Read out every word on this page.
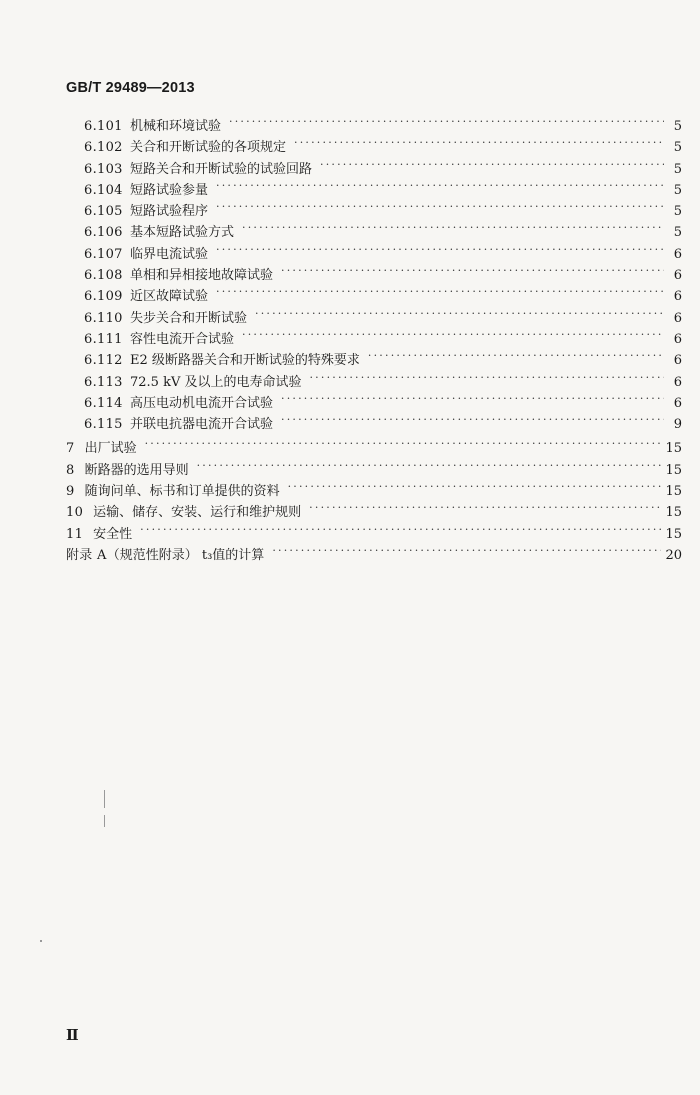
GB/T 29489—2013
6.101 机械和环境试验 ·····	5
6.102 关合和开断试验的各项规定 ·····	5
6.103 短路关合和开断试验的试验回路 ·····	5
6.104 短路试验参量 ·····	5
6.105 短路试验程序 ·····	5
6.106 基本短路试验方式 ·····	5
6.107 临界电流试验 ·····	6
6.108 单相和异相接地故障试验 ·····	6
6.109 近区故障试验 ·····	6
6.110 失步关合和开断试验 ·····	6
6.111 容性电流开合试验 ·····	6
6.112 E2 级断路器关合和开断试验的特殊要求 ·····	6
6.113 72.5 kV 及以上的电寿命试验 ·····	6
6.114 高压电动机电流开合试验 ·····	6
6.115 并联电抗器电流开合试验 ·····	9
7 出厂试验 ·····	15
8 断路器的选用导则 ·····	15
9 随询问单、标书和订单提供的资料 ·····	15
10 运输、储存、安装、运行和维护规则 ·····	15
11 安全性 ·····	15
附录 A （规范性附录） t₃值的计算 ·····	20
Ⅱ
